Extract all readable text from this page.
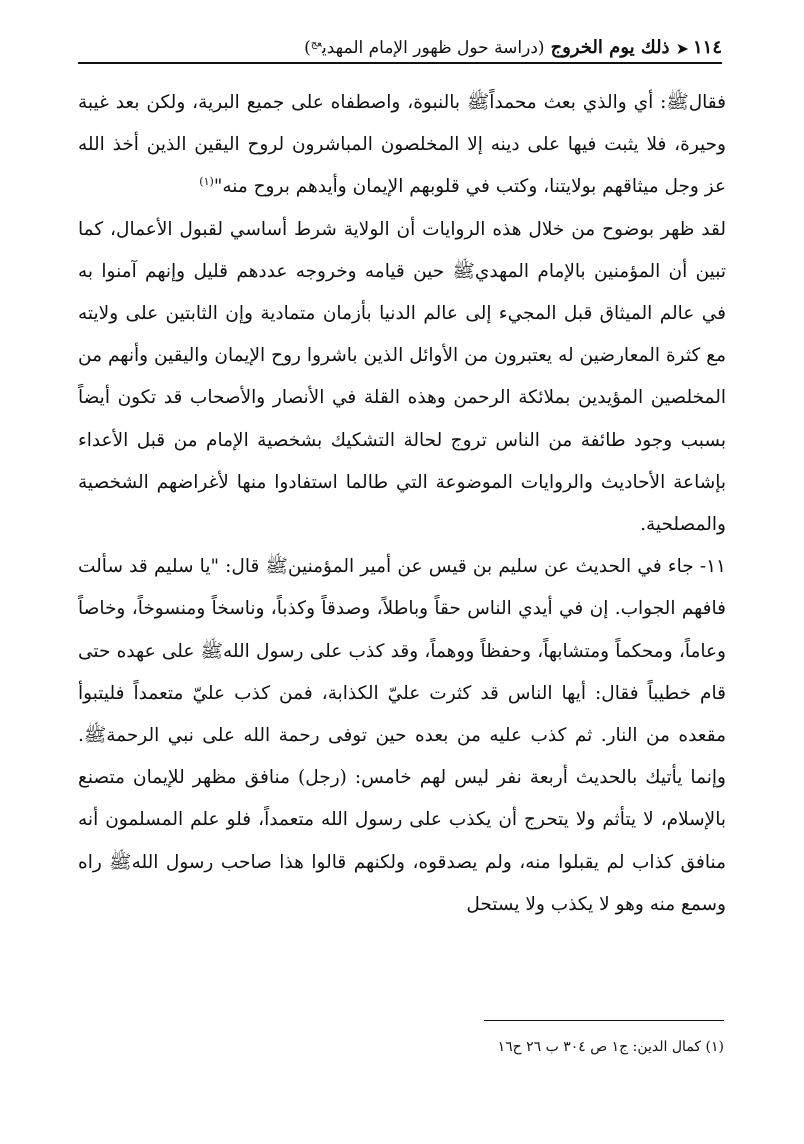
١١٤
➤
ذلك يوم الخروج
(دراسة حول ظهور الإمام المهدي$^{عج}$)

فقالﷺ: أي والذي بعث محمداًﷺ بالنبوة، واصطفاه على جميع البرية، ولكن بعد غيبة وحيرة، فلا يثبت فيها على دينه إلا المخلصون المباشرون لروح اليقين الذين أخذ الله عز وجل ميثاقهم بولايتنا، وكتب في قلوبهم الإيمان وأيدهم بروح منه"$^{(١)}$

لقد ظهر بوضوح من خلال هذه الروايات أن الولاية شرط أساسي لقبول الأعمال، كما تبين أن المؤمنين بالإمام المهديﷺ حين قيامه وخروجه عددهم قليل وإنهم آمنوا به في عالم الميثاق قبل المجيء إلى عالم الدنيا بأزمان متمادية وإن الثابتين على ولايته مع كثرة المعارضين له يعتبرون من الأوائل الذين باشروا روح الإيمان واليقين وأنهم من المخلصين المؤيدين بملائكة الرحمن وهذه القلة في الأنصار والأصحاب قد تكون أيضاً بسبب وجود طائفة من الناس تروج لحالة التشكيك بشخصية الإمام من قبل الأعداء بإشاعة الأحاديث والروايات الموضوعة التي طالما استفادوا منها لأغراضهم الشخصية والمصلحية.

١١- جاء في الحديث عن سليم بن قيس عن أمير المؤمنينﷺ قال: "يا سليم قد سألت فافهم الجواب. إن في أيدي الناس حقاً وباطلاً، وصدقاً وكذباً، وناسخاً ومنسوخاً، وخاصاً وعاماً، ومحكماً ومتشابهاً، وحفظاً ووهماً، وقد كذب على رسول اللهﷺ على عهده حتى قام خطيباً فقال: أيها الناس قد كثرت عليّ الكذابة، فمن كذب عليّ متعمداً فليتبوأ مقعده من النار. ثم كذب عليه من بعده حين توفى رحمة الله على نبي الرحمةﷺ. وإنما يأتيك بالحديث أربعة نفر ليس لهم خامس: (رجل) منافق مظهر للإيمان متصنع بالإسلام، لا يتأثم ولا يتحرج أن يكذب على رسول الله متعمداً، فلو علم المسلمون أنه منافق كذاب لم يقبلوا منه، ولم يصدقوه، ولكنهم قالوا هذا صاحب رسول اللهﷺ راه وسمع منه وهو لا يكذب ولا يستحل

(١) كمال الدين: ج١ ص ٣٠٤ ب ٢٦ ح١٦
